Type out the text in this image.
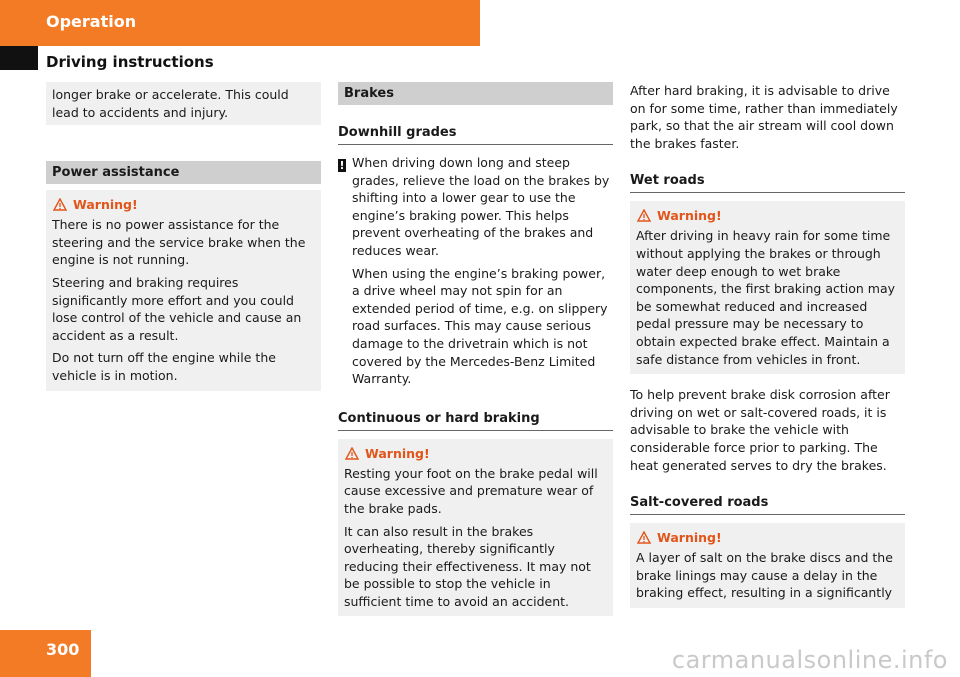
Operation
Driving instructions

longer brake or accelerate. This could lead to accidents and injury.

Power assistance
Warning!

There is no power assistance for the steering and the service brake when the engine is not running.

Steering and braking requires significantly more effort and you could lose control of the vehicle and cause an accident as a result.

Do not turn off the engine while the vehicle is in motion.

Brakes
Downhill grades
! When driving down long and steep grades, relieve the load on the brakes by shifting into a lower gear to use the engine’s braking power. This helps prevent overheating of the brakes and reduces wear.

When using the engine’s braking power, a drive wheel may not spin for an extended period of time, e.g. on slippery road surfaces. This may cause serious damage to the drivetrain which is not covered by the Mercedes-Benz Limited Warranty.

Continuous or hard braking
Warning!

Resting your foot on the brake pedal will cause excessive and premature wear of the brake pads.

It can also result in the brakes overheating, thereby significantly reducing their effectiveness. It may not be possible to stop the vehicle in sufficient time to avoid an accident.

After hard braking, it is advisable to drive on for some time, rather than immediately park, so that the air stream will cool down the brakes faster.

Wet roads
Warning!

After driving in heavy rain for some time without applying the brakes or through water deep enough to wet brake components, the first braking action may be somewhat reduced and increased pedal pressure may be necessary to obtain expected brake effect. Maintain a safe distance from vehicles in front.

To help prevent brake disk corrosion after driving on wet or salt-covered roads, it is advisable to brake the vehicle with considerable force prior to parking. The heat generated serves to dry the brakes.

Salt-covered roads
Warning!

A layer of salt on the brake discs and the brake linings may cause a delay in the braking effect, resulting in a significantly

300	carmanualsonline.info
